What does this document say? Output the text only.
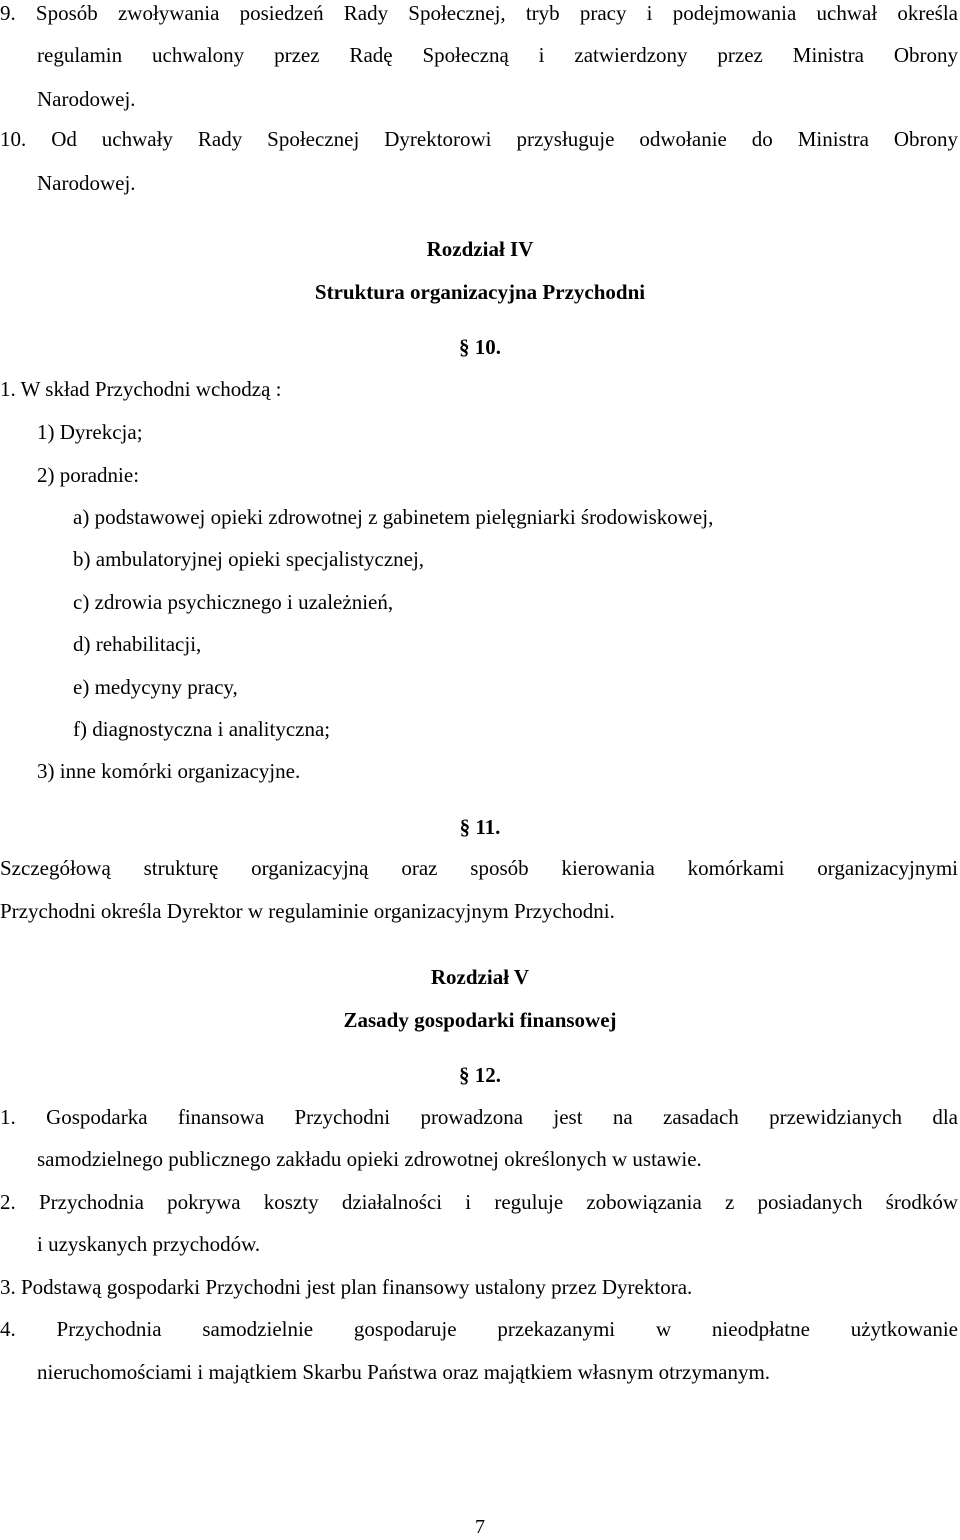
9. Sposób zwoływania posiedzeń Rady Społecznej, tryb pracy i podejmowania uchwał określa
regulamin uchwalony przez Radę Społeczną i zatwierdzony przez Ministra Obrony
Narodowej.
10. Od uchwały Rady Społecznej Dyrektorowi przysługuje odwołanie do Ministra Obrony
Narodowej.
Rozdział IV
Struktura organizacyjna Przychodni
§ 10.
1. W skład Przychodni wchodzą :
1) Dyrekcja;
2) poradnie:
a) podstawowej opieki zdrowotnej z gabinetem pielęgniarki środowiskowej,
b) ambulatoryjnej opieki specjalistycznej,
c) zdrowia psychicznego i uzależnień,
d) rehabilitacji,
e) medycyny pracy,
f) diagnostyczna i analityczna;
3) inne komórki organizacyjne.
§ 11.
Szczegółową strukturę organizacyjną oraz sposób kierowania komórkami organizacyjnymi
Przychodni określa Dyrektor w regulaminie organizacyjnym Przychodni.
Rozdział V
Zasady gospodarki finansowej
§ 12.
1. Gospodarka finansowa Przychodni prowadzona jest na zasadach przewidzianych dla
samodzielnego publicznego zakładu opieki zdrowotnej określonych w ustawie.
2. Przychodnia pokrywa koszty działalności i reguluje zobowiązania z posiadanych środków
i uzyskanych przychodów.
3. Podstawą gospodarki Przychodni jest plan finansowy ustalony przez Dyrektora.
4. Przychodnia samodzielnie gospodaruje przekazanymi w nieodpłatne użytkowanie
nieruchomościami i majątkiem Skarbu Państwa oraz majątkiem własnym otrzymanym.
7
